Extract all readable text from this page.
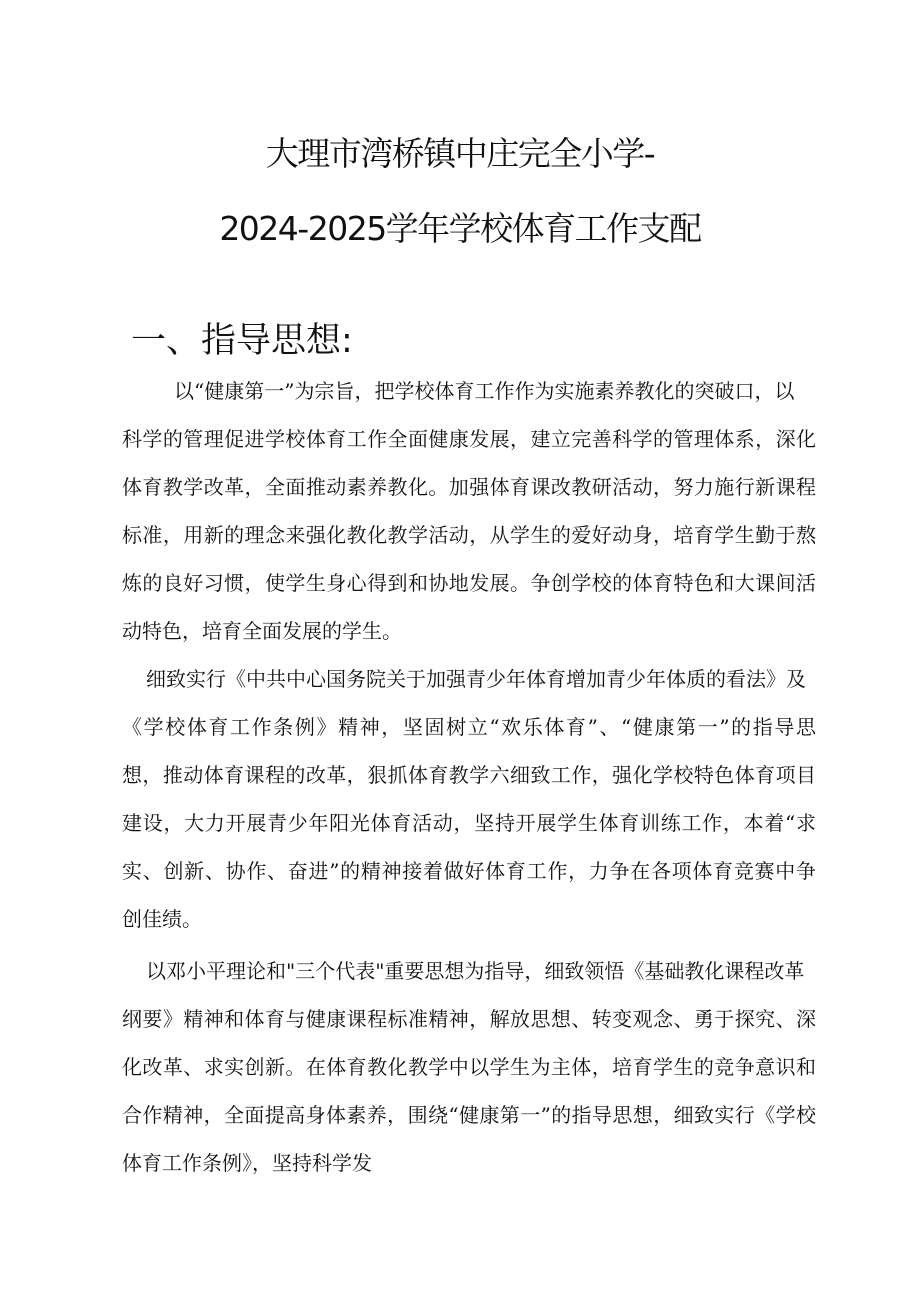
大理市湾桥镇中庄完全小学-
2024-2025学年学校体育工作支配
一、指导思想:
以“健康第一”为宗旨，把学校体育工作作为实施素养教化的突破口，以
科学的管理促进学校体育工作全面健康发展，建立完善科学的管理体系，深化
体育教学改革，全面推动素养教化。加强体育课改教研活动，努力施行新课程
标准，用新的理念来强化教化教学活动，从学生的爱好动身，培育学生勤于熬
炼的良好习惯，使学生身心得到和协地发展。争创学校的体育特色和大课间活
动特色，培育全面发展的学生。
细致实行《中共中心国务院关于加强青少年体育增加青少年体质的看法》及
《学校体育工作条例》精神，坚固树立“欢乐体育”、“健康第一”的指导思
想，推动体育课程的改革，狠抓体育教学六细致工作，强化学校特色体育项目
建设，大力开展青少年阳光体育活动，坚持开展学生体育训练工作，本着“求
实、创新、协作、奋进”的精神接着做好体育工作，力争在各项体育竞赛中争
创佳绩。
以邓小平理论和"三个代表"重要思想为指导，细致领悟《基础教化课程改革
纲要》精神和体育与健康课程标准精神，解放思想、转变观念、勇于探究、深
化改革、求实创新。在体育教化教学中以学生为主体，培育学生的竞争意识和
合作精神，全面提高身体素养，围绕“健康第一”的指导思想，细致实行《学校
体育工作条例》，坚持科学发
